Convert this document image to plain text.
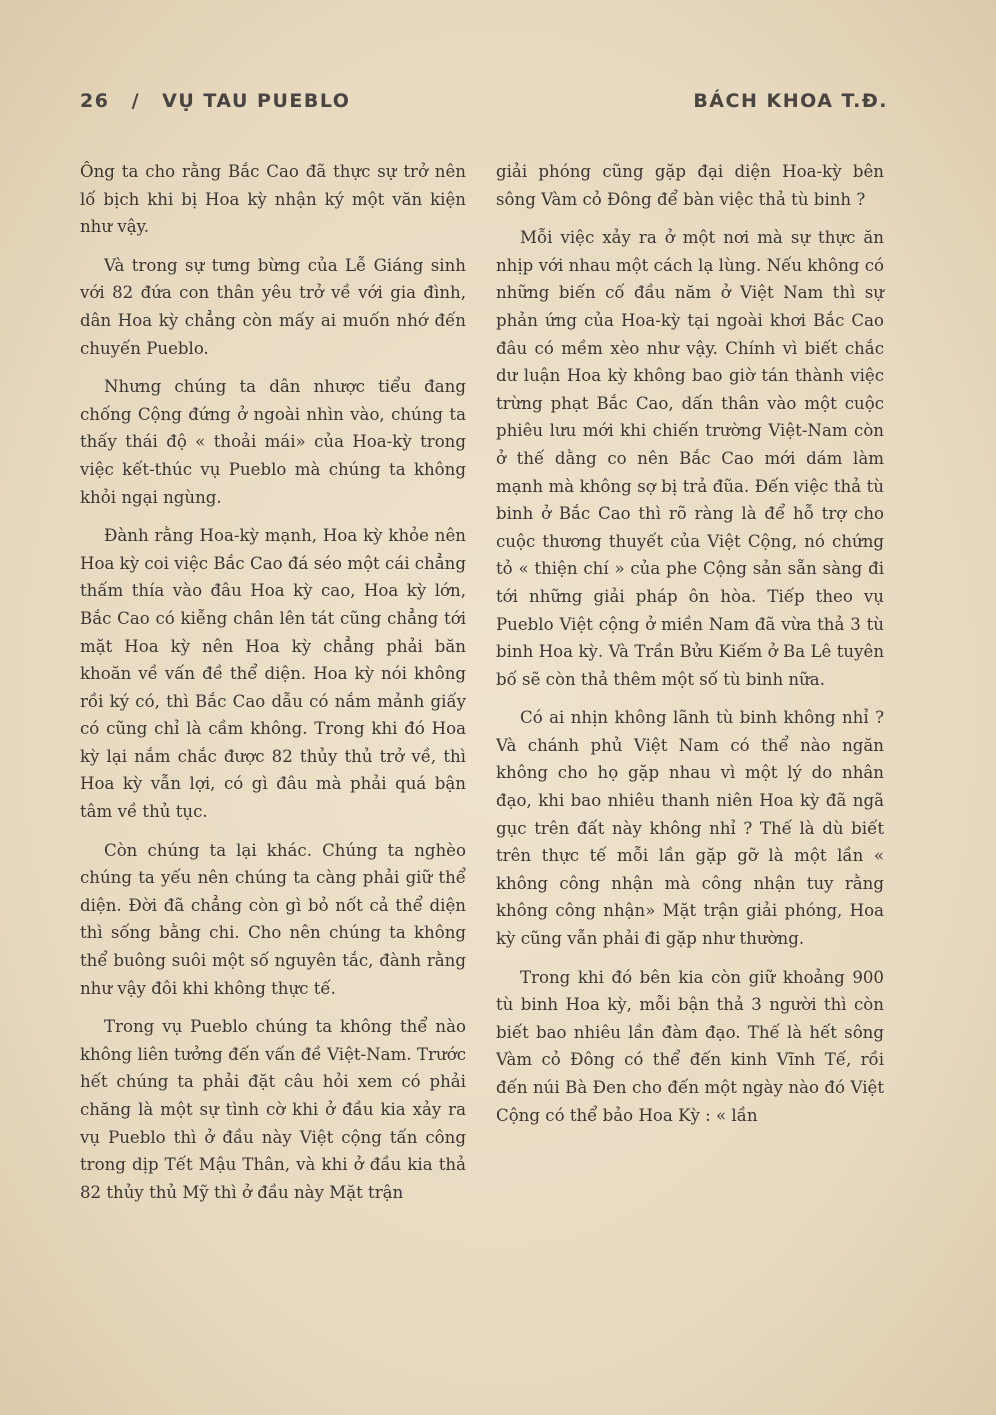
26 / VỤ TAU PUEBLO	BÁCH KHOA T.Đ.

Ông ta cho rằng Bắc Cao đã thực sự trở nên lố bịch khi bị Hoa kỳ nhận ký một văn kiện như vậy.

Và trong sự tưng bừng của Lễ Giáng sinh với 82 đứa con thân yêu trở về với gia đình, dân Hoa kỳ chẳng còn mấy ai muốn nhớ đến chuyến Pueblo.

Nhưng chúng ta dân nhược tiểu đang chống Cộng đứng ở ngoài nhìn vào, chúng ta thấy thái độ « thoải mái» của Hoa-kỳ trong việc kết-thúc vụ Pueblo mà chúng ta không khỏi ngại ngùng.

Đành rằng Hoa-kỳ mạnh, Hoa kỳ khỏe nên Hoa kỳ coi việc Bắc Cao đá séo một cái chẳng thấm thía vào đâu Hoa kỳ cao, Hoa kỳ lớn, Bắc Cao có kiễng chân lên tát cũng chẳng tới mặt Hoa kỳ nên Hoa kỳ chẳng phải băn khoăn về vấn đề thể diện. Hoa kỳ nói không rồi ký có, thì Bắc Cao dẫu có nắm mảnh giấy có cũng chỉ là cầm không. Trong khi đó Hoa kỳ lại nắm chắc được 82 thủy thủ trở về, thì Hoa kỳ vẫn lợi, có gì đâu mà phải quá bận tâm về thủ tục.

Còn chúng ta lại khác. Chúng ta nghèo chúng ta yếu nên chúng ta càng phải giữ thể diện. Đời đã chẳng còn gì bỏ nốt cả thể diện thì sống bằng chi. Cho nên chúng ta không thể buông suôi một số nguyên tắc, đành rằng như vậy đôi khi không thực tế.

Trong vụ Pueblo chúng ta không thể nào không liên tưởng đến vấn đề Việt-Nam. Trước hết chúng ta phải đặt câu hỏi xem có phải chăng là một sự tình cờ khi ở đầu kia xảy ra vụ Pueblo thì ở đầu này Việt cộng tấn công trong dịp Tết Mậu Thân, và khi ở đầu kia thả 82 thủy thủ Mỹ thì ở đầu này Mặt trận

giải phóng cũng gặp đại diện Hoa-kỳ bên sông Vàm cỏ Đông để bàn việc thả tù binh ?

Mỗi việc xảy ra ở một nơi mà sự thực ăn nhịp với nhau một cách lạ lùng. Nếu không có những biến cố đầu năm ở Việt Nam thì sự phản ứng của Hoa-kỳ tại ngoài khơi Bắc Cao đâu có mềm xèo như vậy. Chính vì biết chắc dư luận Hoa kỳ không bao giờ tán thành việc trừng phạt Bắc Cao, dấn thân vào một cuộc phiêu lưu mới khi chiến trường Việt-Nam còn ở thế dằng co nên Bắc Cao mới dám làm mạnh mà không sợ bị trả đũa. Đến việc thả tù binh ở Bắc Cao thì rõ ràng là để hỗ trợ cho cuộc thương thuyết của Việt Cộng, nó chứng tỏ « thiện chí » của phe Cộng sản sẵn sàng đi tới những giải pháp ôn hòa. Tiếp theo vụ Pueblo Việt cộng ở miền Nam đã vừa thả 3 tù binh Hoa kỳ. Và Trần Bửu Kiếm ở Ba Lê tuyên bố sẽ còn thả thêm một số tù binh nữa.

Có ai nhịn không lãnh tù binh không nhỉ ? Và chánh phủ Việt Nam có thể nào ngăn không cho họ gặp nhau vì một lý do nhân đạo, khi bao nhiêu thanh niên Hoa kỳ đã ngã gục trên đất này không nhỉ ? Thế là dù biết trên thực tế mỗi lần gặp gỡ là một lần « không công nhận mà công nhận tuy rằng không công nhận» Mặt trận giải phóng, Hoa kỳ cũng vẫn phải đi gặp như thường.

Trong khi đó bên kia còn giữ khoảng 900 tù binh Hoa kỳ, mỗi bận thả 3 người thì còn biết bao nhiêu lần đàm đạo. Thế là hết sông Vàm cỏ Đông có thể đến kinh Vĩnh Tế, rồi đến núi Bà Đen cho đến một ngày nào đó Việt Cộng có thể bảo Hoa Kỳ : « lần
